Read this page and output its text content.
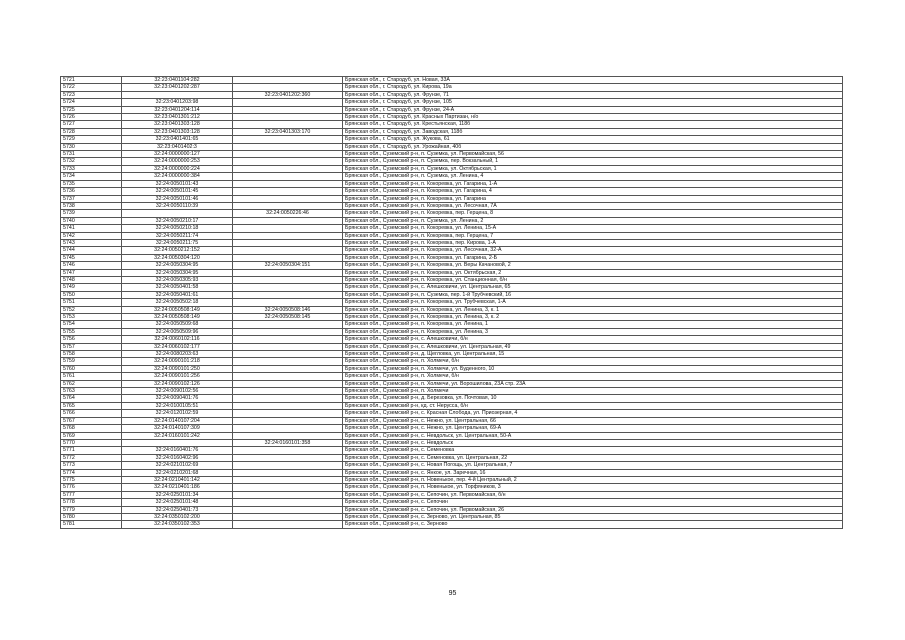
5721	32:23:0401104:282		Брянская обл., г. Стародуб, ул. Новая, 33А
5722	32:23:0401202:287		Брянская обл., г. Стародуб, ул. Кирова, 19а
5723		32:23:0401202:360	Брянская обл., г. Стародуб, ул. Фрунзе, 71
5724	32:23:0401203:98		Брянская обл., г. Стародуб, ул. Фрунзе, 105
5725	32:23:0401204:114		Брянская обл., г. Стародуб, ул. Фрунзе, 24-А
5726	32:23:0401301:212		Брянская обл., г. Стародуб, ул. Красных Партизан, н/о
5727	32:23:0401303:128		Брянская обл., г. Стародуб, ул. Крестьянская, 118б
5728	32:23:0401303:128	32:23:0401303:170	Брянская обл., г. Стародуб, ул. Заводская, 118б
5729	32:23:0401401:65		Брянская обл., г. Стародуб, ул. Жукова, 61
5730	32:23:0401402:3		Брянская обл., г. Стародуб, ул. Урожайная, 40б
5731	32:24:0000000:127		Брянская обл., Суземский р-н, п. Суземка, ул. Первомайская, 56
5732	32:24:0000000:253		Брянская обл., Суземский р-н, п. Суземка, пер. Вокзальный, 1
5733	32:24:0000000:224		Брянская обл., Суземский р-н, п. Суземка, ул. Октябрьская, 1
5734	32:24:0000000:384		Брянская обл., Суземский р-н, п. Суземка, ул. Ленина, 4
5735	32:24:0050101:43		Брянская обл., Суземский р-н, п. Кокоревка, ул. Гагарина, 1-А
5736	32:24:0050101:45		Брянская обл., Суземский р-н, п. Кокоревка, ул. Гагарина, 4
5737	32:24:0050101:46		Брянская обл., Суземский р-н, п. Кокоревка, ул. Гагарина
5738	32:24:0050110:39		Брянская обл., Суземский р-н, п. Кокоревка, ул. Лесочная, 7А
5739		32:24:0050226:46	Брянская обл., Суземский р-н, п. Кокоревка, пер. Герцена, 8
5740	32:24:0050210:17		Брянская обл., Суземский р-н, п. Суземка, ул. Ленина, 2
5741	32:24:0050210:18		Брянская обл., Суземский р-н, п. Кокоревка, ул. Ленина, 15-А
5742	32:24:0050211:74		Брянская обл., Суземский р-н, п. Кокоревка, пер. Герцена, 7
5743	32:24:0050211:75		Брянская обл., Суземский р-н, п. Кокоревка, пер. Кирова, 1-А
5744	32:24:0050212:152		Брянская обл., Суземский р-н, п. Кокоревка, ул. Лесочная, 32-А
5745	32:24:0050304:120		Брянская обл., Суземский р-н, п. Кокоревка, ул. Гагарина, 2-Б
5746	32:24:0050304:95	32:24:0050304:151	Брянская обл., Суземский р-н, п. Кокоревка, ул. Веры Качановой, 2
5747	32:24:0050304:95		Брянская обл., Суземский р-н, п. Кокоревка, ул. Октябрьская, 2
5748	32:24:0050305:93		Брянская обл., Суземский р-н, п. Кокоревка, ул. Станционная, б/н
5749	32:24:0050401:58		Брянская обл., Суземский р-н, с. Алешковичи, ул. Центральная, 65
5750	32:24:0050401:61		Брянская обл., Суземский р-н, п. Суземка, пер. 1-й Трубчевский, 16
5751	32:24:0050502:18		Брянская обл., Суземский р-н, п. Кокоревка, ул. Трубчевская, 1-А
5752	32:24:0050508:149	32:24:0050508:146	Брянская обл., Суземский р-н, п. Кокоревка, ул. Ленина, 3, к. 1
5753	32:24:0050508:149	32:24:0050508:145	Брянская обл., Суземский р-н, п. Кокоревка, ул. Ленина, 3, к. 2
5754	32:24:0050509:68		Брянская обл., Суземский р-н, п. Кокоревка, ул. Ленина, 1
5755	32:24:0050509:96		Брянская обл., Суземский р-н, п. Кокоревка, ул. Ленина, 3
5756	32:24:0060102:116		Брянская обл., Суземский р-н, с. Алешковичи, б/н
5757	32:24:0060102:177		Брянская обл., Суземский р-н, с. Алешковичи, ул. Центральная, 49
5758	32:24:0080203:63		Брянская обл., Суземский р-н, д. Щегловка, ул. Центральная, 15
5759	32:24:0090101:218		Брянская обл., Суземский р-н, п. Холмечи, б/н
5760	32:24:0090101:250		Брянская обл., Суземский р-н, п. Холмечи, ул. Буденного, 10
5761	32:24:0090101:256		Брянская обл., Суземский р-н, п. Холмечи, б/н
5762	32:24:0090102:126		Брянская обл., Суземский р-н, п. Холмечи, ул. Ворошилова, 23А стр. 23А
5763	32:24:0090102:56		Брянская обл., Суземский р-н, п. Холмечи
5764	32:24:0090401:76		Брянская обл., Суземский р-н, д. Березовка, ул. Почтовая, 10
5765	32:24:0100105:51		Брянская обл., Суземский р-н, кд. ст. Неруссa, б/н
5766	32:24:0120102:59		Брянская обл., Суземский р-н, с. Красная Слобода, ул. Приозерная, 4
5767	32:24:0140107:204		Брянская обл., Суземский р-н, с. Нежно, ул. Центральная, 66
5768	32:24:0140107:309		Брянская обл., Суземский р-н, с. Нежно, ул. Центральная, 69-А
5769	32:24:0160101:242		Брянская обл., Суземский р-н, с. Невдольск, ул. Центральная, 50-А
5770		32:24:0160101:358	Брянская обл., Суземский р-н, с. Невдольск
5771	32:24:0160401:76		Брянская обл., Суземский р-н, с. Семеновка
5772	32:24:0160402:96		Брянская обл., Суземский р-н, с. Семеновка, ул. Центральная, 22
5773	32:24:0210102:69		Брянская обл., Суземский р-н, с. Новая Погощь, ул. Центральная, 7
5774	32:24:0210201:68		Брянская обл., Суземский р-н, с. Янкое, ул. Заречная, 16
5775	32:24:0210401:142		Брянская обл., Суземский р-н, п. Новенькое, пер. 4-й Центральный, 2
5776	32:24:0210401:186		Брянская обл., Суземский р-н, п. Новенькое, ул. Торфяников, 3
5777	32:24:0250101:34		Брянская обл., Суземский р-н, с. Сепочин, ул. Первомайская, б/н
5778	32:24:0250101:48		Брянская обл., Суземский р-н, с. Сепочин
5779	32:24:0250401:73		Брянская обл., Суземский р-н, с. Сепочин, ул. Первомайская, 26
5780	32:24:0350102:200		Брянская обл., Суземский р-н, с. Зерново, ул. Центральная, 85
5781	32:24:0350102:353		Брянская обл., Суземский р-н, с. Зерново
95
